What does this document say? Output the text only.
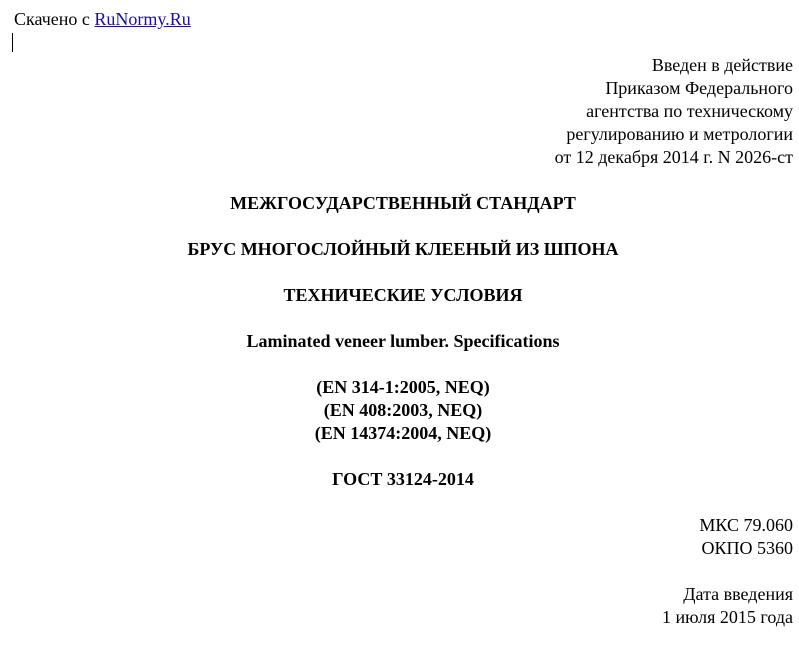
Скачено с RuNormy.Ru
Введен в действие
Приказом Федерального
агентства по техническому
регулированию и метрологии
от 12 декабря 2014 г. N 2026-ст
МЕЖГОСУДАРСТВЕННЫЙ СТАНДАРТ
БРУС МНОГОСЛОЙНЫЙ КЛЕЕНЫЙ ИЗ ШПОНА
ТЕХНИЧЕСКИЕ УСЛОВИЯ
Laminated veneer lumber. Specifications
(EN 314-1:2005, NEQ)
(EN 408:2003, NEQ)
(EN 14374:2004, NEQ)
ГОСТ 33124-2014
МКС 79.060
ОКПО 5360
Дата введения
1 июля 2015 года
